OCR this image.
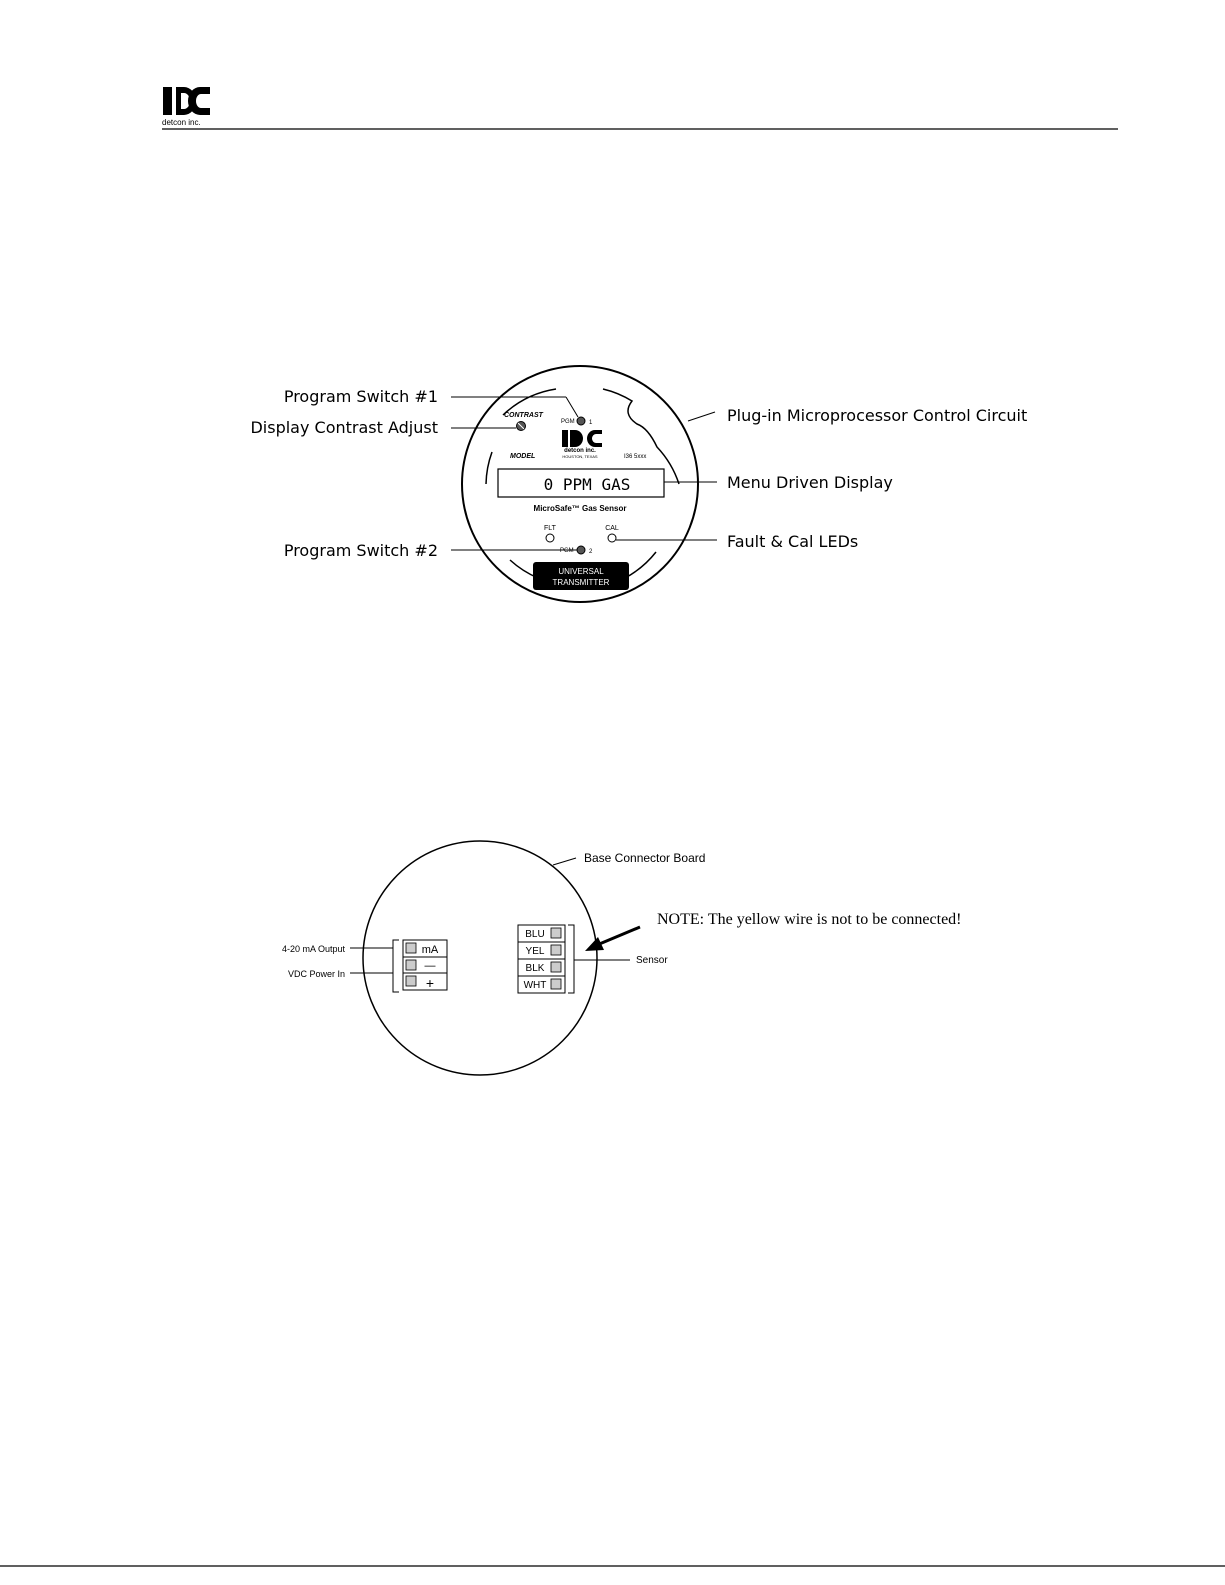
detcon inc.
CONTRAST
PGM 1
detcon inc.
HOUSTON, TEXAS
MODEL	I36 5xxx
0 PPM GAS
MicroSafe™ Gas Sensor
FLT	CAL
PGM	2
UNIVERSAL
TRANSMITTER
Program Switch #1
Display Contrast Adjust
Program Switch #2
Plug-in Microprocessor Control Circuit
Menu Driven Display
Fault & Cal LEDs
Base Connector Board
mA
—
+
4-20 mA Output
VDC Power In
BLU
YEL
BLK
WHT
Sensor
NOTE: The yellow wire is not to be connected!
